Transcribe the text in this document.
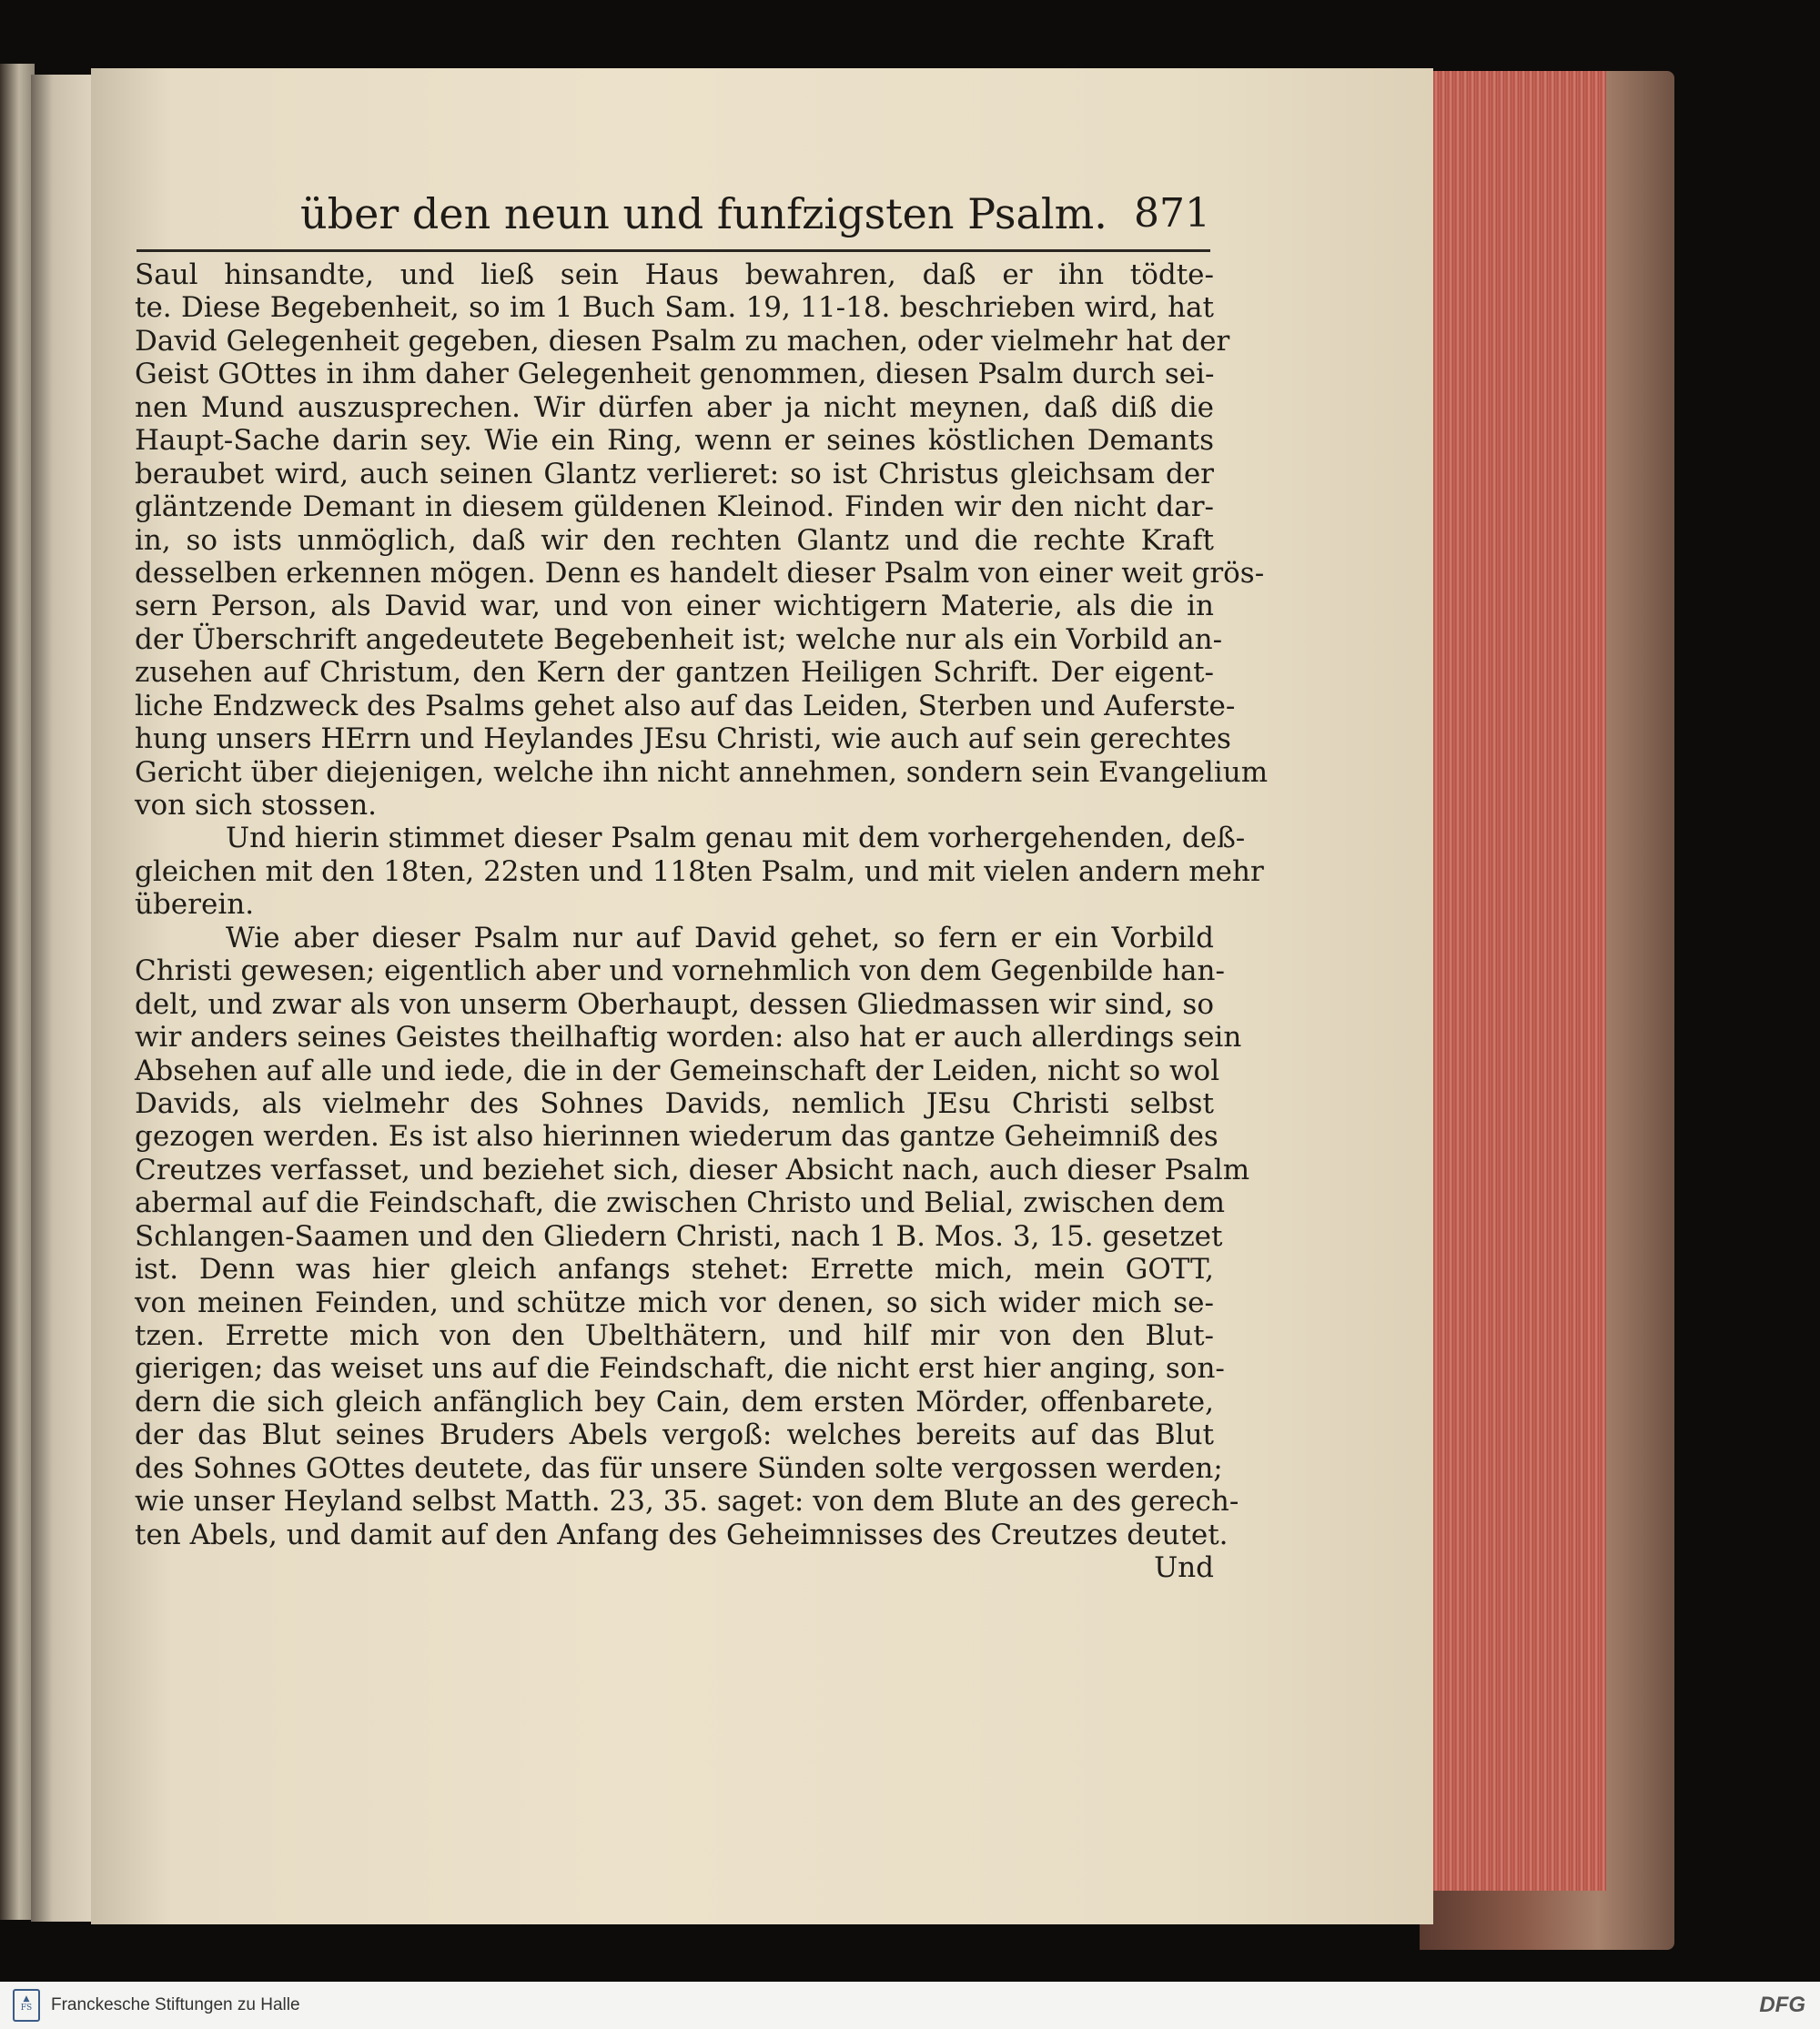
über den neun und funfzigsten Psalm. 871
Saul hinsandte, und ließ sein Haus bewahren, daß er ihn tödte-
te. Diese Begebenheit, so im 1 Buch Sam. 19, 11-18. beschrieben wird, hat
David Gelegenheit gegeben, diesen Psalm zu machen, oder vielmehr hat der
Geist GOttes in ihm daher Gelegenheit genommen, diesen Psalm durch sei-
nen Mund auszusprechen. Wir dürfen aber ja nicht meynen, daß diß die
Haupt-Sache darin sey. Wie ein Ring, wenn er seines köstlichen Demants
beraubet wird, auch seinen Glantz verlieret: so ist Christus gleichsam der
gläntzende Demant in diesem güldenen Kleinod. Finden wir den nicht dar-
in, so ists unmöglich, daß wir den rechten Glantz und die rechte Kraft
desselben erkennen mögen. Denn es handelt dieser Psalm von einer weit grös-
sern Person, als David war, und von einer wichtigern Materie, als die in
der Überschrift angedeutete Begebenheit ist; welche nur als ein Vorbild an-
zusehen auf Christum, den Kern der gantzen Heiligen Schrift. Der eigent-
liche Endzweck des Psalms gehet also auf das Leiden, Sterben und Auferste-
hung unsers HErrn und Heylandes JEsu Christi, wie auch auf sein gerechtes
Gericht über diejenigen, welche ihn nicht annehmen, sondern sein Evangelium
von sich stossen.
Und hierin stimmet dieser Psalm genau mit dem vorhergehenden, deß-
gleichen mit den 18ten, 22sten und 118ten Psalm, und mit vielen andern mehr
überein.
Wie aber dieser Psalm nur auf David gehet, so fern er ein Vorbild
Christi gewesen; eigentlich aber und vornehmlich von dem Gegenbilde han-
delt, und zwar als von unserm Oberhaupt, dessen Gliedmassen wir sind, so
wir anders seines Geistes theilhaftig worden: also hat er auch allerdings sein
Absehen auf alle und iede, die in der Gemeinschaft der Leiden, nicht so wol
Davids, als vielmehr des Sohnes Davids, nemlich JEsu Christi selbst
gezogen werden. Es ist also hierinnen wiederum das gantze Geheimniß des
Creutzes verfasset, und beziehet sich, dieser Absicht nach, auch dieser Psalm
abermal auf die Feindschaft, die zwischen Christo und Belial, zwischen dem
Schlangen-Saamen und den Gliedern Christi, nach 1 B. Mos. 3, 15. gesetzet
ist. Denn was hier gleich anfangs stehet: Errette mich, mein GOTT,
von meinen Feinden, und schütze mich vor denen, so sich wider mich se-
tzen. Errette mich von den Ubelthätern, und hilf mir von den Blut-
gierigen; das weiset uns auf die Feindschaft, die nicht erst hier anging, son-
dern die sich gleich anfänglich bey Cain, dem ersten Mörder, offenbarete,
der das Blut seines Bruders Abels vergoß: welches bereits auf das Blut
des Sohnes GOttes deutete, das für unsere Sünden solte vergossen werden;
wie unser Heyland selbst Matth. 23, 35. saget: von dem Blute an des gerech-
ten Abels, und damit auf den Anfang des Geheimnisses des Creutzes deutet.
Und
▲
FS	Franckesche Stiftungen zu Halle	DFG
